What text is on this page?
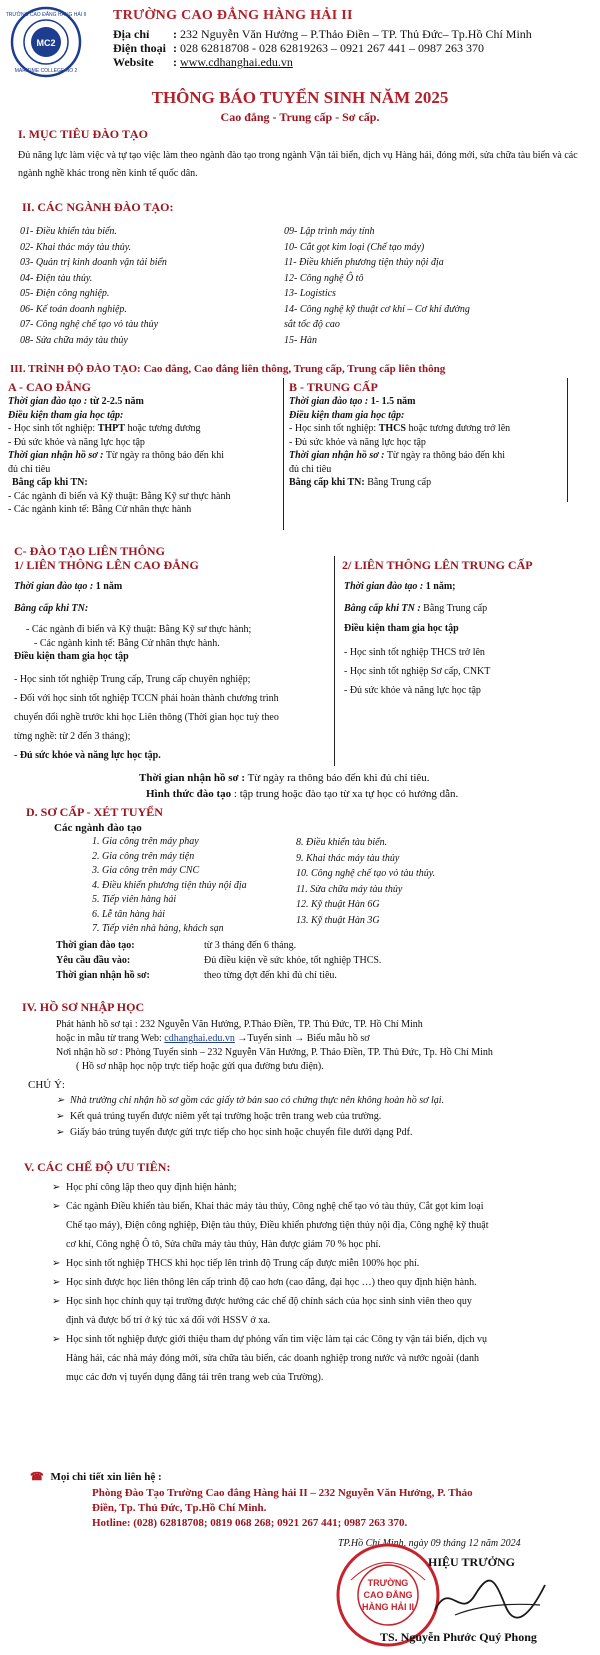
MC2
TRƯỜNG CAO ĐẲNG HÀNG HẢI II
MARITIME COLLEGE NO 2
TRƯỜNG CAO ĐẲNG HÀNG HẢI II
Địa chỉ : 232 Nguyễn Văn Hưởng – P.Thảo Điền – TP. Thủ Đức– Tp.Hồ Chí Minh
Điện thoại : 028 62818708 - 028 62819263 – 0921 267 441 – 0987 263 370
Website : www.cdhanghai.edu.vn
THÔNG BÁO TUYỂN SINH NĂM 2025
Cao đẳng - Trung cấp - Sơ cấp.
I. MỤC TIÊU ĐÀO TẠO
Đủ năng lực làm việc và tự tạo việc làm theo ngành đào tạo trong ngành Vận tải biển, dịch vụ Hàng hải, đóng mới, sửa chữa tàu biển và các ngành nghề khác trong nền kinh tế quốc dân.
II. CÁC NGÀNH ĐÀO TẠO:
01- Điều khiển tàu biển.
02- Khai thác máy tàu thủy.
03- Quản trị kinh doanh vận tải biển
04- Điện tàu thủy.
05- Điện công nghiệp.
06- Kế toán doanh nghiệp.
07- Công nghệ chế tạo vỏ tàu thủy
08- Sửa chữa máy tàu thủy
09- Lập trình máy tính
10- Cắt gọt kim loại (Chế tạo máy)
11- Điều khiển phương tiện thủy nội địa
12- Công nghệ Ô tô
13- Logistics
14- Công nghệ kỹ thuật cơ khí – Cơ khí đường
sắt tốc độ cao
15- Hàn
III. TRÌNH ĐỘ ĐÀO TẠO: Cao đẳng, Cao đẳng liên thông, Trung cấp, Trung cấp liên thông
A - CAO ĐẲNG
Thời gian đào tạo : từ 2-2.5 năm
Điều kiện tham gia học tập:
- Học sinh tốt nghiệp: THPT hoặc tương đương
- Đủ sức khỏe và năng lực học tập
Thời gian nhận hồ sơ : Từ ngày ra thông báo đến khi
đủ chỉ tiêu
Bằng cấp khi TN:
- Các ngành đi biển và Kỹ thuật: Bằng Kỹ sư thực hành
- Các ngành kinh tế: Bằng Cử nhân thực hành
B - TRUNG CẤP
Thời gian đào tạo : 1- 1.5 năm
Điều kiện tham gia học tập:
- Học sinh tốt nghiệp: THCS hoặc tương đương trở lên
- Đủ sức khỏe và năng lực học tập
Thời gian nhận hồ sơ : Từ ngày ra thông báo đến khi
đủ chỉ tiêu
Bằng cấp khi TN: Bằng Trung cấp
C- ĐÀO TẠO LIÊN THÔNG
1/ LIÊN THÔNG LÊN CAO ĐẲNG
Thời gian đào tạo : 1 năm
Bằng cấp khi TN:
- Các ngành đi biển và Kỹ thuật: Bằng Kỹ sư thực hành;
- Các ngành kinh tế: Bằng Cử nhân thực hành.
Điều kiện tham gia học tập
- Học sinh tốt nghiệp Trung cấp, Trung cấp chuyên nghiệp;
- Đối với học sinh tốt nghiệp TCCN phải hoàn thành chương trình
chuyển đổi nghề trước khi học Liên thông (Thời gian học tuỳ theo
từng nghề: từ 2 đến 3 tháng);
- Đủ sức khỏe và năng lực học tập.
2/ LIÊN THÔNG LÊN TRUNG CẤP
Thời gian đào tạo : 1 năm;
Bằng cấp khi TN : Bằng Trung cấp
Điều kiện tham gia học tập
- Học sinh tốt nghiệp THCS trở lên
- Học sinh tốt nghiệp Sơ cấp, CNKT
- Đủ sức khỏe và năng lực học tập
Thời gian nhận hồ sơ : Từ ngày ra thông báo đến khi đủ chỉ tiêu.
Hình thức đào tạo : tập trung hoặc đào tạo từ xa tự học có hướng dẫn.
D. SƠ CẤP - XÉT TUYỂN
Các ngành đào tạo
1. Gia công trên máy phay
2. Gia công trên máy tiện
3. Gia công trên máy CNC
4. Điều khiển phương tiện thủy nội địa
5. Tiếp viên hàng hải
6. Lễ tân hàng hải
7. Tiếp viên nhà hàng, khách sạn
8. Điều khiển tàu biển.
9. Khai thác máy tàu thủy
10. Công nghệ chế tạo vỏ tàu thủy.
11. Sửa chữa máy tàu thủy
12. Kỹ thuật Hàn 6G
13. Kỹ thuật Hàn 3G
Thời gian đào tạo:	từ 3 tháng đến 6 tháng.
Yêu cầu đầu vào:	Đủ điều kiện về sức khỏe, tốt nghiệp THCS.
Thời gian nhận hồ sơ:	theo từng đợt đến khi đủ chỉ tiêu.
IV. HỒ SƠ NHẬP HỌC
Phát hành hồ sơ tại : 232 Nguyễn Văn Hưởng, P.Thảo Điền, TP. Thủ Đức, TP. Hồ Chí Minh
hoặc in mẫu từ trang Web: cdhanghai.edu.vn →Tuyển sinh → Biểu mẫu hồ sơ
Nơi nhận hồ sơ : Phòng Tuyển sinh – 232 Nguyễn Văn Hưởng, P. Thảo Điền, TP. Thủ Đức, Tp. Hồ Chí Minh
( Hồ sơ nhập học nộp trực tiếp hoặc gửi qua đường bưu điện).
CHÚ Ý:
➢ Nhà trường chỉ nhận hồ sơ gồm các giấy tờ bản sao có chứng thực nên không hoàn hồ sơ lại.
➢ Kết quả trúng tuyển được niêm yết tại trường hoặc trên trang web của trường.
➢ Giấy báo trúng tuyển được gửi trực tiếp cho học sinh hoặc chuyển file dưới dạng Pdf.
V. CÁC CHẾ ĐỘ ƯU TIÊN:
➢ Học phí công lập theo quy định hiện hành;
➢ Các ngành Điều khiển tàu biển, Khai thác máy tàu thủy, Công nghệ chế tạo vỏ tàu thủy, Cắt gọt kim loại
Chế tạo máy), Điện công nghiệp, Điện tàu thủy, Điều khiển phương tiện thủy nội địa, Công nghệ kỹ thuật
cơ khí, Công nghệ Ô tô, Sửa chữa máy tàu thủy, Hàn được giảm 70 % học phí.
➢ Học sinh tốt nghiệp THCS khi học tiếp lên trình độ Trung cấp được miễn 100% học phí.
➢ Học sinh được học liên thông lên cấp trình độ cao hơn (cao đẳng, đại học …) theo quy định hiện hành.
➢ Học sinh học chính quy tại trường được hưởng các chế độ chính sách của học sinh sinh viên theo quy
định và được bố trí ở ký túc xá đối với HSSV ở xa.
➢ Học sinh tốt nghiệp được giới thiệu tham dự phỏng vấn tìm việc làm tại các Công ty vận tải biển, dịch vụ
Hàng hải, các nhà máy đóng mới, sửa chữa tàu biển, các doanh nghiệp trong nước và nước ngoài (danh
mục các đơn vị tuyển dụng đăng tải trên trang web của Trường).
☎ Mọi chi tiết xin liên hệ :
Phòng Đào Tạo Trường Cao đẳng Hàng hải II – 232 Nguyễn Văn Hưởng, P. Thảo
Điền, Tp. Thủ Đức, Tp.Hồ Chí Minh.
Hotline: (028) 62818708; 0819 068 268; 0921 267 441; 0987 263 370.
TP.Hồ Chí Minh, ngày 09 tháng 12 năm 2024
TRƯỜNG
CAO ĐẲNG
HÀNG HẢI II
HIỆU TRƯỞNG
TS. Nguyễn Phước Quý Phong
